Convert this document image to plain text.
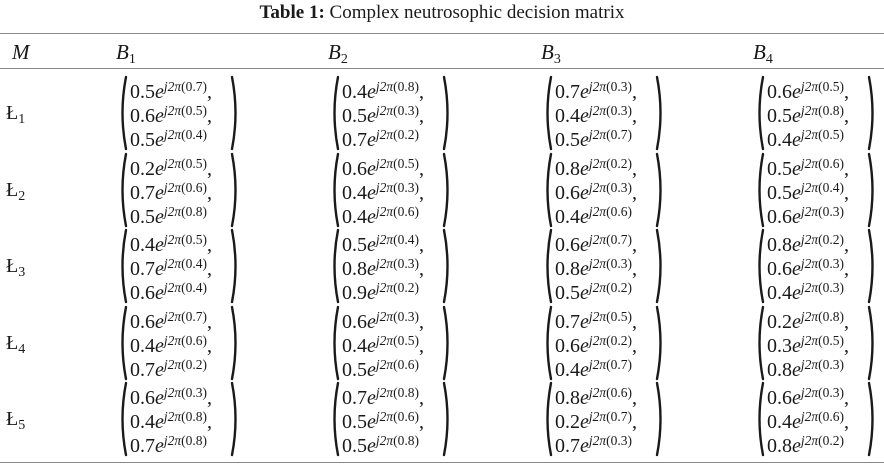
Table 1: Complex neutrosophic decision matrix
M	$B_1$	$B_2$	$B_3$	$B_4$
$Ł_1$
$0.5e^{j2\pi(0.7)}$,
$0.6e^{j2\pi(0.5)}$,
$0.5e^{j2\pi(0.4)}$
$0.4e^{j2\pi(0.8)}$,
$0.5e^{j2\pi(0.3)}$,
$0.7e^{j2\pi(0.2)}$
$0.7e^{j2\pi(0.3)}$,
$0.4e^{j2\pi(0.3)}$,
$0.5e^{j2\pi(0.7)}$
$0.6e^{j2\pi(0.5)}$,
$0.5e^{j2\pi(0.8)}$,
$0.4e^{j2\pi(0.5)}$
$Ł_2$
$0.2e^{j2\pi(0.5)}$,
$0.7e^{j2\pi(0.6)}$,
$0.5e^{j2\pi(0.8)}$
$0.6e^{j2\pi(0.5)}$,
$0.4e^{j2\pi(0.3)}$,
$0.4e^{j2\pi(0.6)}$
$0.8e^{j2\pi(0.2)}$,
$0.6e^{j2\pi(0.3)}$,
$0.4e^{j2\pi(0.6)}$
$0.5e^{j2\pi(0.6)}$,
$0.5e^{j2\pi(0.4)}$,
$0.6e^{j2\pi(0.3)}$
$Ł_3$
$0.4e^{j2\pi(0.5)}$,
$0.7e^{j2\pi(0.4)}$,
$0.6e^{j2\pi(0.4)}$
$0.5e^{j2\pi(0.4)}$,
$0.8e^{j2\pi(0.3)}$,
$0.9e^{j2\pi(0.2)}$
$0.6e^{j2\pi(0.7)}$,
$0.8e^{j2\pi(0.3)}$,
$0.5e^{j2\pi(0.2)}$
$0.8e^{j2\pi(0.2)}$,
$0.6e^{j2\pi(0.3)}$,
$0.4e^{j2\pi(0.3)}$
$Ł_4$
$0.6e^{j2\pi(0.7)}$,
$0.4e^{j2\pi(0.6)}$,
$0.7e^{j2\pi(0.2)}$
$0.6e^{j2\pi(0.3)}$,
$0.4e^{j2\pi(0.5)}$,
$0.5e^{j2\pi(0.6)}$
$0.7e^{j2\pi(0.5)}$,
$0.6e^{j2\pi(0.2)}$,
$0.4e^{j2\pi(0.7)}$
$0.2e^{j2\pi(0.8)}$,
$0.3e^{j2\pi(0.5)}$,
$0.8e^{j2\pi(0.3)}$
$Ł_5$
$0.6e^{j2\pi(0.3)}$,
$0.4e^{j2\pi(0.8)}$,
$0.7e^{j2\pi(0.8)}$
$0.7e^{j2\pi(0.8)}$,
$0.5e^{j2\pi(0.6)}$,
$0.5e^{j2\pi(0.8)}$
$0.8e^{j2\pi(0.6)}$,
$0.2e^{j2\pi(0.7)}$,
$0.7e^{j2\pi(0.3)}$
$0.6e^{j2\pi(0.3)}$,
$0.4e^{j2\pi(0.6)}$,
$0.8e^{j2\pi(0.2)}$
